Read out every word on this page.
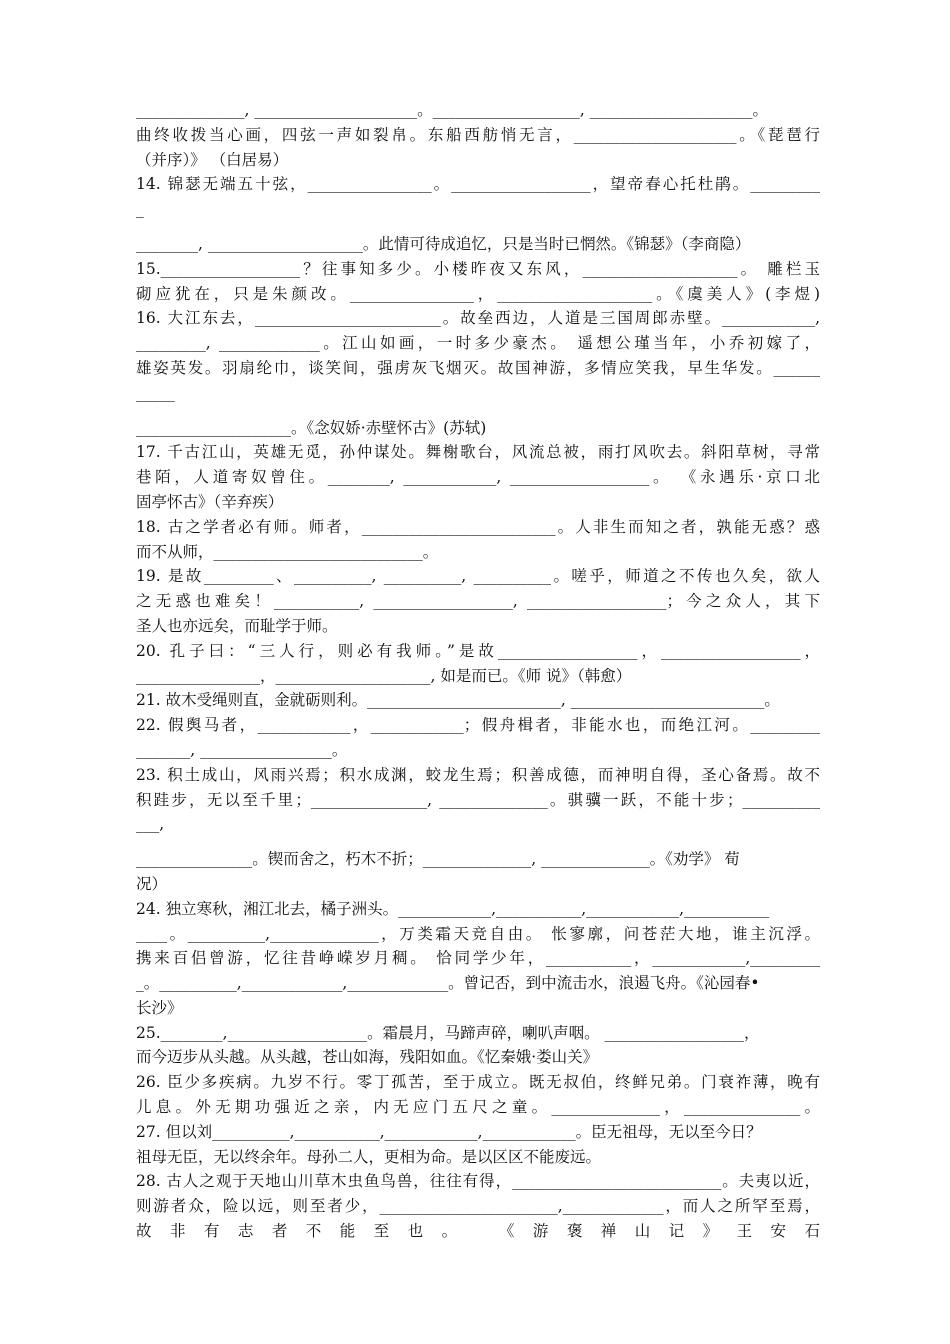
______________, _____________________。___________________, _____________________。
曲终收拨当心画，四弦一声如裂帛。东船西舫悄无言，_____________________。《琵琶行
（并序）》 （白居易）
14. 锦瑟无端五十弦，________________。__________________，望帝春心托杜鹃。_________
_
________, ____________________。此情可待成追忆，只是当时已惘然。《锦瑟》（李商隐）
15.__________________？往事知多少。小楼昨夜又东风，____________________。 雕栏玉
砌应犹在，只是朱颜改。________________，____________________。《虞美人》(李煜)
16. 大江东去，________________________。故垒西边，人道是三国周郎赤壁。____________,
_________, _____________。江山如画，一时多少豪杰。 遥想公瑾当年，小乔初嫁了，
雄姿英发。羽扇纶巾，谈笑间，强虏灰飞烟灭。故国神游，多情应笑我，早生华发。______
_____
____________________。《念奴娇·赤壁怀古》(苏轼)
17. 千古江山，英雄无觅，孙仲谋处。舞榭歌台，风流总被，雨打风吹去。斜阳草树，寻常
巷陌，人道寄奴曾住。________, ____________, __________________。 《永遇乐·京口北
固亭怀古》（辛弃疾）
18. 古之学者必有师。师者，_________________________。人非生而知之者，孰能无惑？惑
而不从师，___________________________。
19. 是故_________、__________, __________, __________。嗟乎，师道之不传也久矣，欲人
之无惑也难矣！___________, __________________, __________________；今之众人，其下
圣人也亦远矣，而耻学于师。
20. 孔子曰：“三人行，则必有我师。”是故__________________，__________________，
________________，____________________, 如是而已。《师 说》（韩愈）
21. 故木受绳则直，金就砺则利。_________________________, _________________________。
22. 假舆马者，____________，____________；假舟楫者，非能水也，而绝江河。_________
_______, _________________。
23. 积土成山，风雨兴焉；积水成渊，蛟龙生焉；积善成德，而神明自得，圣心备焉。故不
积跬步，无以至千里；_______________, ______________。骐骥一跃，不能十步；__________
___,
_______________。锲而舍之，朽木不折；______________, ______________。《劝学》 荀
况）
24. 独立寒秋，湘江北去，橘子洲头。____________,___________,____________,___________
____。__________,______________，万类霜天竞自由。 怅寥廓，问苍茫大地，谁主沉浮。
携来百侣曾游，忆往昔峥嵘岁月稠。 恰同学少年，___________，____________,_________
_。__________,_____________,_____________。曾记否，到中流击水，浪遏飞舟。《沁园春•
长沙》
25.________,__________________。霜晨月，马蹄声碎，喇叭声咽。 __________________，
而今迈步从头越。从头越，苍山如海，残阳如血。《忆秦娥·娄山关》
26. 臣少多疾病。九岁不行。零丁孤苦，至于成立。既无叔伯，终鲜兄弟。门衰祚薄，晚有
儿息。外无期功强近之亲，内无应门五尺之童。______________，_______________。
27. 但以刘__________,___________,____________,____________。臣无祖母，无以至今日？
祖母无臣，无以终余年。母孙二人，更相为命。是以区区不能废远。
28. 古人之观于天地山川草木虫鱼鸟兽，往往有得，___________________________。夫夷以近，
则游者众，险以远，则至者少，_______________________,_____________，而人之所罕至焉，
故非有志者不能至也。 《游褒禅山记》王安石
